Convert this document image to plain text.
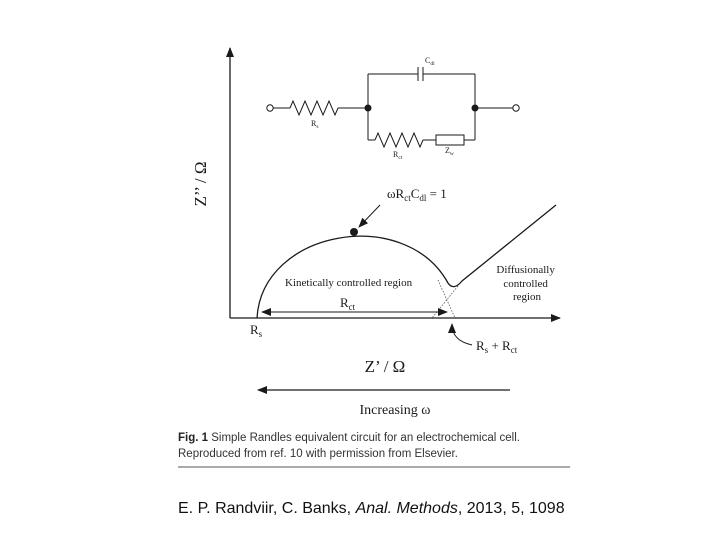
Z’’ / Ω
Z’ / Ω
$R_s$
$C_{dl}$
$R_{ct}$
$Z_w$
$\omega R_{ct}C_{dl} = 1$
Kinetically controlled region
Diffusionally controlled region
$R_{ct}$
$R_s$
$R_s + R_{ct}$
Increasing ω
Fig. 1 Simple Randles equivalent circuit for an electrochemical cell. Reproduced from ref. 10 with permission from Elsevier.
E. P. Randviir, C. Banks, Anal. Methods, 2013, 5, 1098
